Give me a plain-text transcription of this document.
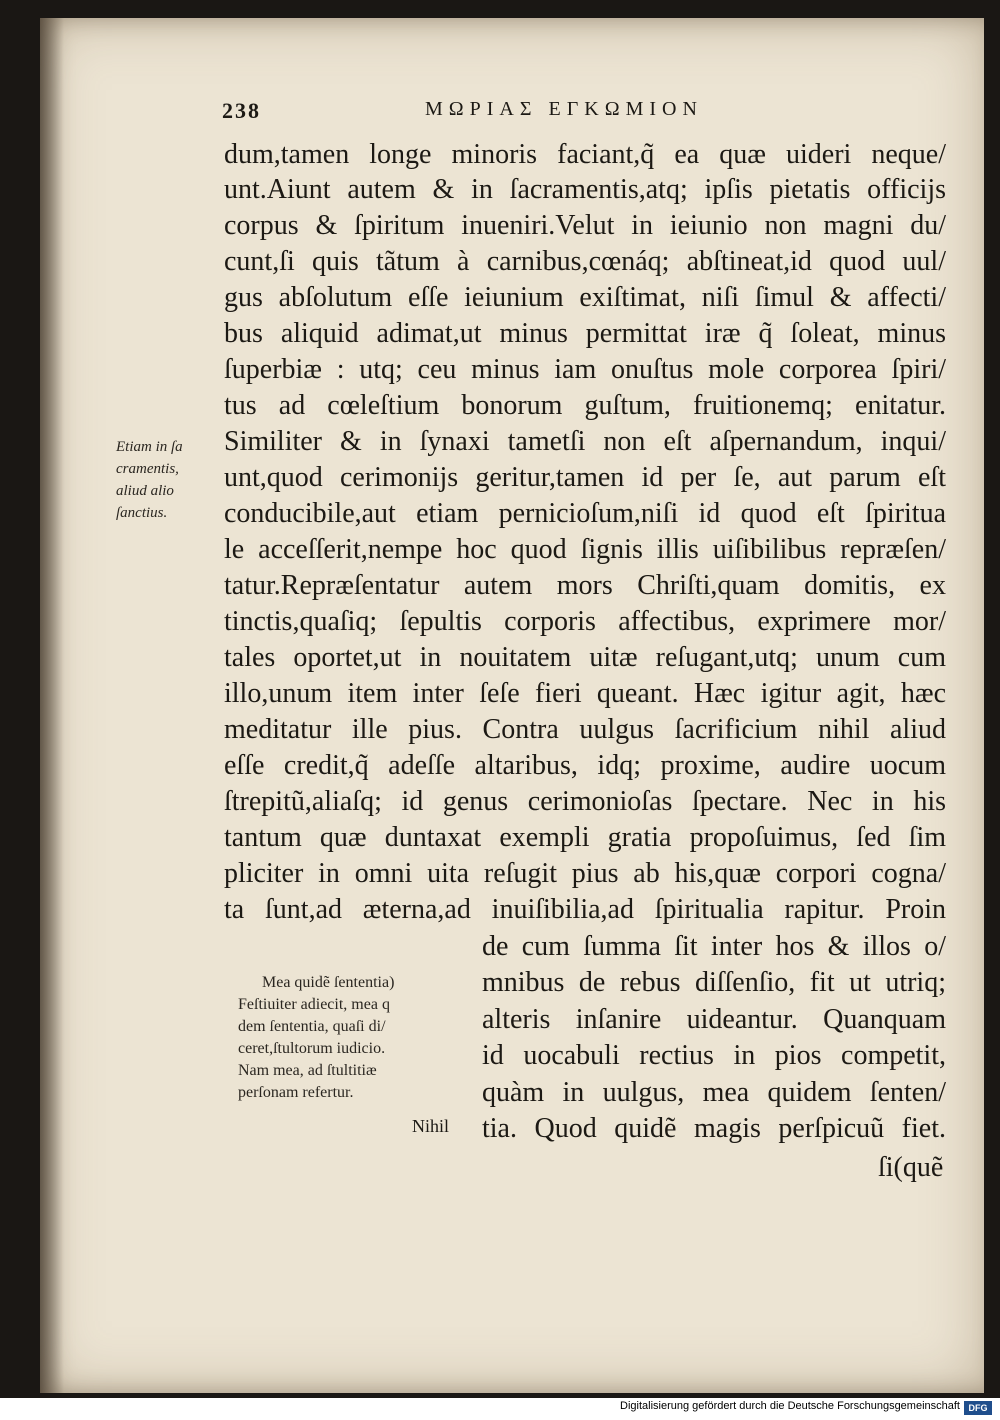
238	ΜΩΡΙΑΣ ΕΓΚΩΜΙΟΝ
dum,tamen longe minoris faciant,q̃ ea quæ uideri neque/
unt.Aiunt autem & in ſacramentis,atq; ipſis pietatis officijs
corpus & ſpiritum inueniri.Velut in ieiunio non magni du/
cunt,ſi quis tãtum à carnibus,cœnáq; abſtineat,id quod uul/
gus abſolutum eſſe ieiunium exiſtimat, niſi ſimul & affecti/
bus aliquid adimat,ut minus permittat iræ q̃ ſoleat, minus
ſuperbiæ : utq; ceu minus iam onuſtus mole corporea ſpiri/
tus ad cœleſtium bonorum guſtum, fruitionemq; enitatur.
Similiter & in ſynaxi tametſi non eſt aſpernandum, inqui/
unt,quod cerimonijs geritur,tamen id per ſe, aut parum eſt
conducibile,aut etiam pernicioſum,niſi id quod eſt ſpiritua
le acceſſerit,nempe hoc quod ſignis illis uiſibilibus repræſen/
tatur.Repræſentatur autem mors Chriſti,quam domitis, ex
tinctis,quaſiq; ſepultis corporis affectibus, exprimere mor/
tales oportet,ut in nouitatem uitæ reſugant,utq; unum cum
illo,unum item inter ſeſe fieri queant. Hæc igitur agit, hæc
meditatur ille pius. Contra uulgus ſacrificium nihil aliud
eſſe credit,q̃ adeſſe altaribus, idq; proxime, audire uocum
ſtrepitũ,aliaſq; id genus cerimonioſas ſpectare. Nec in his
tantum quæ duntaxat exempli gratia propoſuimus, ſed ſim
pliciter in omni uita reſugit pius ab his,quæ corpori cogna/
ta ſunt,ad æterna,ad inuiſibilia,ad ſpiritualia rapitur. Proin
de cum ſumma ſit inter hos & illos o/
mnibus de rebus diſſenſio, fit ut utriq;
alteris inſanire uideantur. Quanquam
id uocabuli rectius in pios competit,
quàm in uulgus, mea quidem ſenten/
tia. Quod quidẽ magis perſpicuũ fiet.
ſi(quẽ
Etiam in ſa
cramentis,
aliud alio
ſanctius.
Mea quidẽ ſententia)
Feſtiuiter adiecit, mea q
dem ſententia, quaſi di/
ceret,ſtultorum iudicio.
Nam mea, ad ſtultitiæ
perſonam refertur.
Nihil
Digitalisierung gefördert durch die Deutsche Forschungsgemeinschaft DFG
